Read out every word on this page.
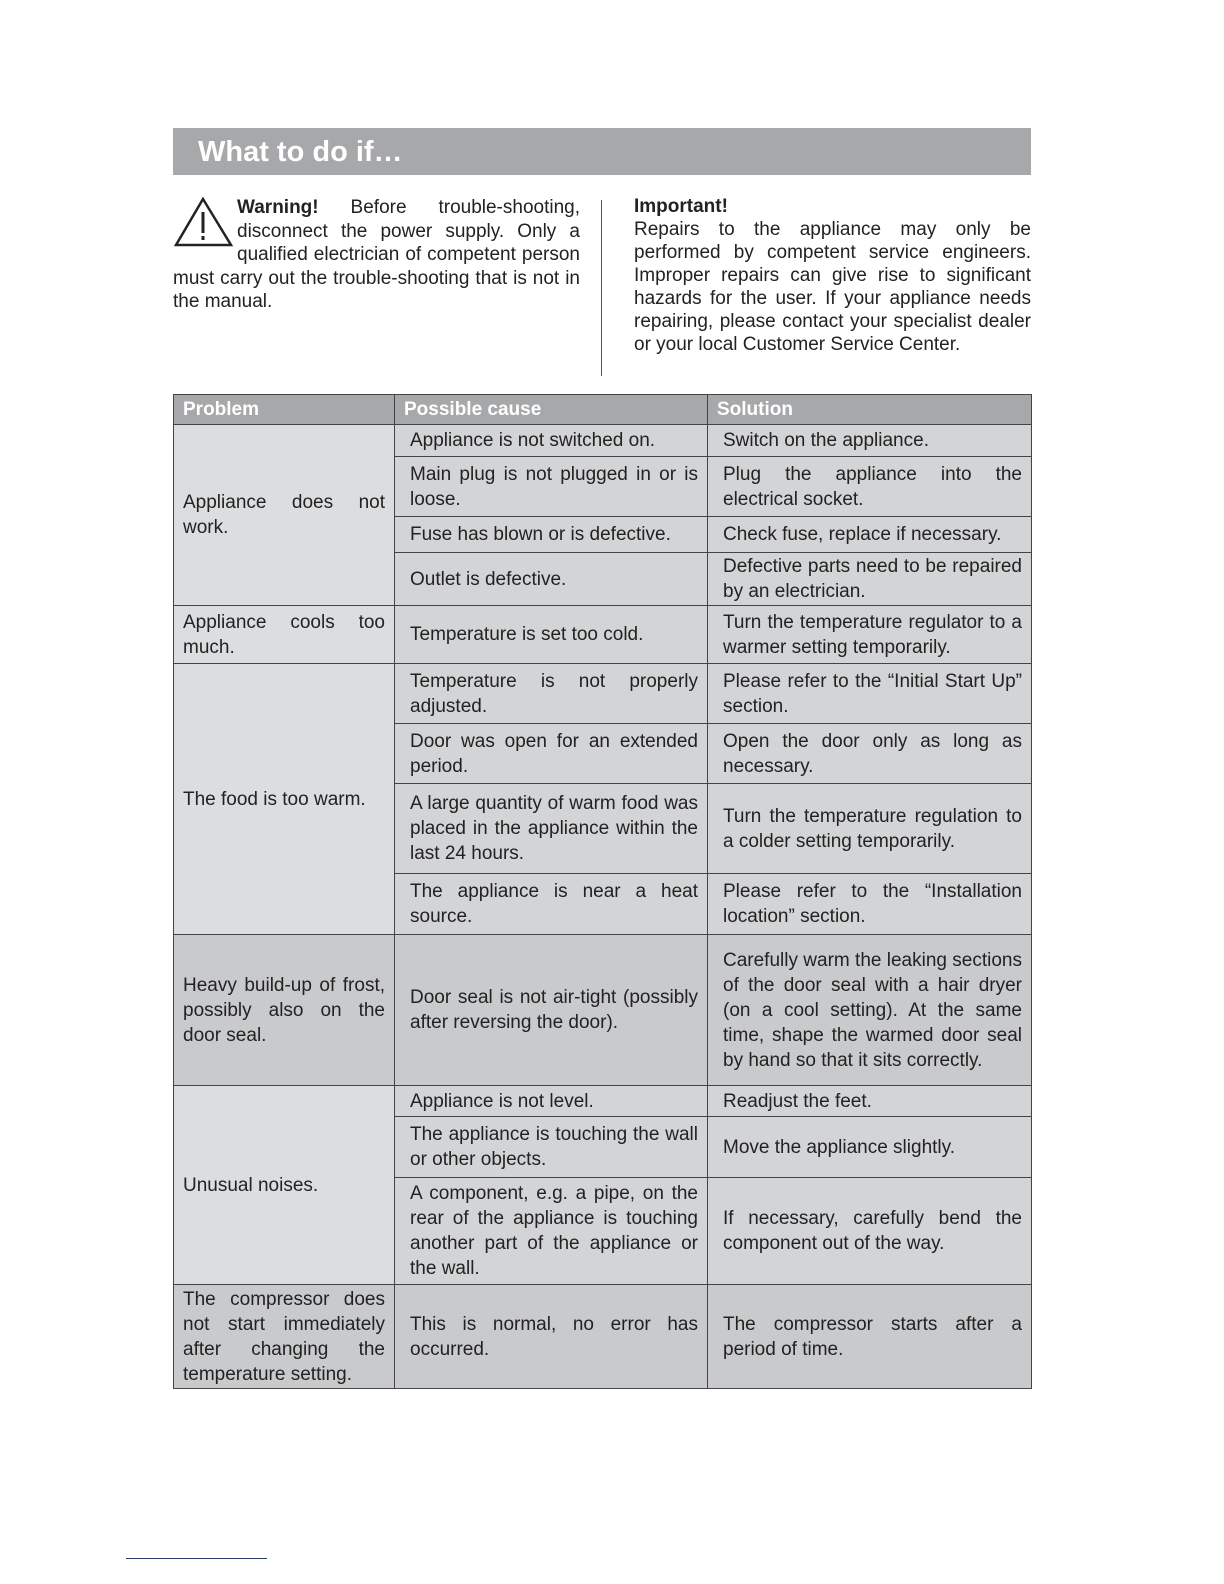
What to do if…
Warning! Before trouble-shooting, disconnect the power supply. Only a qualified electrician of competent person must carry out the trouble-shooting that is not in the manual.
Important!
Repairs to the appliance may only be performed by competent service engineers. Improper repairs can give rise to significant hazards for the user. If your appliance needs repairing, please contact your specialist dealer or your local Customer Service Center.
Problem	Possible cause	Solution
Appliance does not work.	Appliance is not switched on.	Switch on the appliance.
	Main plug is not plugged in or is loose.	Plug the appliance into the electrical socket.
	Fuse has blown or is defective.	Check fuse, replace if necessary.
	Outlet is defective.	Defective parts need to be repaired by an electrician.
Appliance cools too much.	Temperature is set too cold.	Turn the temperature regulator to a warmer setting temporarily.
The food is too warm.	Temperature is not properly adjusted.	Please refer to the “Initial Start Up” section.
	Door was open for an extended period.	Open the door only as long as necessary.
	A large quantity of warm food was placed in the appliance within the last 24 hours.	Turn the temperature regulation to a colder setting temporarily.
	The appliance is near a heat source.	Please refer to the “Installation location” section.
Heavy build-up of frost, possibly also on the door seal.	Door seal is not air-tight (possibly after reversing the door).	Carefully warm the leaking sections of the door seal with a hair dryer (on a cool setting). At the same time, shape the warmed door seal by hand so that it sits correctly.
Unusual noises.	Appliance is not level.	Readjust the feet.
	The appliance is touching the wall or other objects.	Move the appliance slightly.
	A component, e.g. a pipe, on the rear of the appliance is touching another part of the appliance or the wall.	If necessary, carefully bend the component out of the way.
The compressor does not start immediately after changing the temperature setting.	This is normal, no error has occurred.	The compressor starts after a period of time.
